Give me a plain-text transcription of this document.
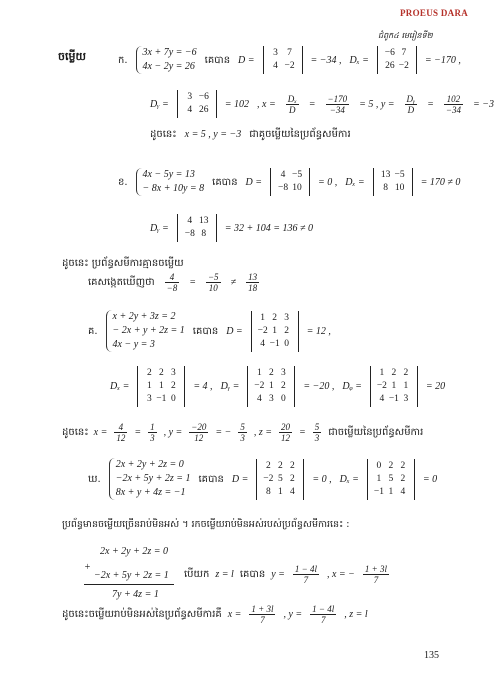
PROEUS DARA
ជំពូក៤ មេរៀនទី២
ចម្លើយ	ក.
3x + 7y = −6
4x − 2y = 26
គេបាន D =
3 7
4 −2
= −34 , Dₓ =
−6 7
26 −2
= −170 ,
Dᵧ =
3 −6
4 26
= 102 , $x = \frac{\text{Dₓ}}{D} = \frac{-170}{-34} = 5$ , $y = \frac{\text{Dᵧ}}{D} = \frac{102}{-34} = -3$
ដូចនេះ x = 5 , y = −3 ជាគូចម្លើយនៃប្រព័ន្ធសមីការ
ខ.
4x − 5y = 13
− 8x + 10y = 8
គេបាន D =
4 −5
−8 10
= 0 , Dₓ =
13 −5
8 10
= 170 ≠ 0
Dᵧ =
4 13
−8 8
= 32 + 104 = 136 ≠ 0
ដូចនេះ ប្រព័ន្ធសមីការគ្មានចម្លើយ
គេសង្កេតឃើញថា $\frac{4}{-8} = \frac{-5}{10} \ne \frac{13}{18}$
គ.
x + 2y + 3z = 2
− 2x + y + 2z = 1
4x − y = 3
គេបាន D =
1 2 3
−2 1 2
4 −1 0
= 12 ,
Dₓ =
2 2 3
1 1 2
3 −1 0
= 4 , Dᵧ =
1 2 3
−2 1 2
4 3 0
= −20 , Dᵩ =
1 2 2
−2 1 1
4 −1 3
= 20
ដូចនេះ $x = \frac{4}{12} = \frac{1}{3}$ , $y = \frac{-20}{12}$ = − $\frac{5}{3}$ , $z = \frac{20}{12} = \frac{5}{3}$ ជាចម្លើយនៃប្រព័ន្ធសមីការ
ឃ.
2x + 2y + 2z = 0
−2x + 5y + 2z = 1
8x + y + 4z = −1
គេបាន D =
2 2 2
−2 5 2
8 1 4
= 0 , Dₓ =
0 2 2
1 5 2
−1 1 4
= 0
ប្រព័ន្ធមានចម្លើយច្រើនរាប់មិនអស់ ។ រកចម្លើយរាប់មិនអស់របស់ប្រព័ន្ធសមីការនេះ :
2x + 2y + 2z = 0
+
−2x + 5y + 2z = 1
7y + 4z = 1
បើយក z = l គេបាន $y = \frac{1 - 4l}{7}$ , x = − $\frac{1 + 3l}{7}$
ដូចនេះចម្លើយរាប់មិនអស់នៃប្រព័ន្ធសមីការគឺ $x = \frac{1 + 3l}{7}$ , $y = \frac{1 - 4l}{7}$ , z = l
135
